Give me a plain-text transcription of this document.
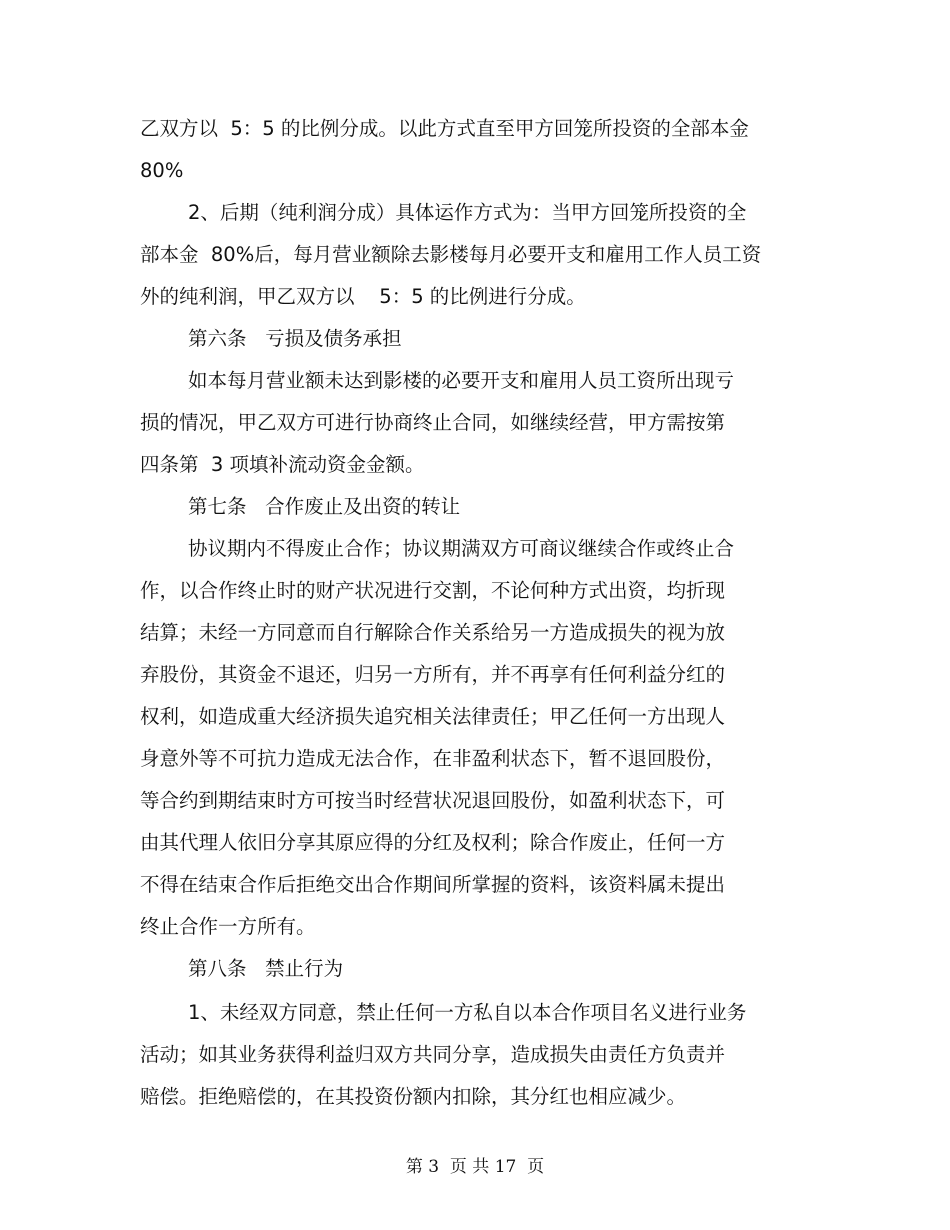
乙双方以  5：5 的比例分成。以此方式直至甲方回笼所投资的全部本金

80%

2、后期（纯利润分成）具体运作方式为：当甲方回笼所投资的全

部本金  80%后，每月营业额除去影楼每月必要开支和雇用工作人员工资

外的纯利润，甲乙双方以    5：5 的比例进行分成。

第六条   亏损及债务承担

如本每月营业额未达到影楼的必要开支和雇用人员工资所出现亏

损的情况，甲乙双方可进行协商终止合同，如继续经营，甲方需按第

四条第  3 项填补流动资金金额。

第七条   合作废止及出资的转让

协议期内不得废止合作；协议期满双方可商议继续合作或终止合

作，以合作终止时的财产状况进行交割，不论何种方式出资，均折现

结算；未经一方同意而自行解除合作关系给另一方造成损失的视为放

弃股份，其资金不退还，归另一方所有，并不再享有任何利益分红的

权利，如造成重大经济损失追究相关法律责任；甲乙任何一方出现人

身意外等不可抗力造成无法合作，在非盈利状态下，暂不退回股份，

等合约到期结束时方可按当时经营状况退回股份，如盈利状态下，可

由其代理人依旧分享其原应得的分红及权利；除合作废止，任何一方

不得在结束合作后拒绝交出合作期间所掌握的资料，该资料属未提出

终止合作一方所有。

第八条   禁止行为

1、未经双方同意，禁止任何一方私自以本合作项目名义进行业务

活动；如其业务获得利益归双方共同分享，造成损失由责任方负责并

赔偿。拒绝赔偿的，在其投资份额内扣除，其分红也相应减少。

第 3  页 共 17  页
